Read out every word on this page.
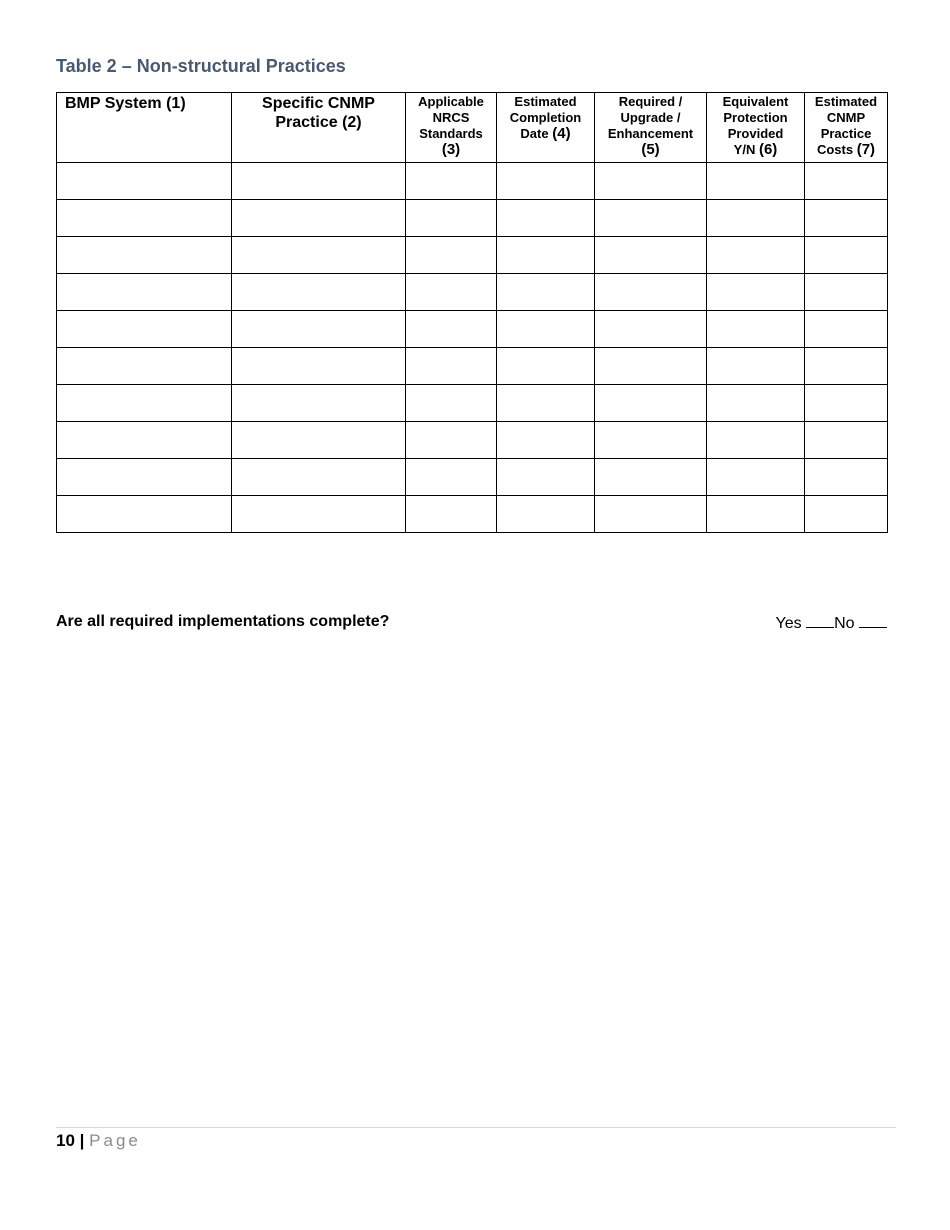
Table 2 – Non-structural Practices
BMP System (1)	Specific CNMP Practice (2)	Applicable NRCS Standards (3)	Estimated Completion Date (4)	Required / Upgrade / Enhancement (5)	Equivalent Protection Provided Y/N (6)	Estimated CNMP Practice Costs (7)

Are all required implementations complete?	Yes No
10 | Page
